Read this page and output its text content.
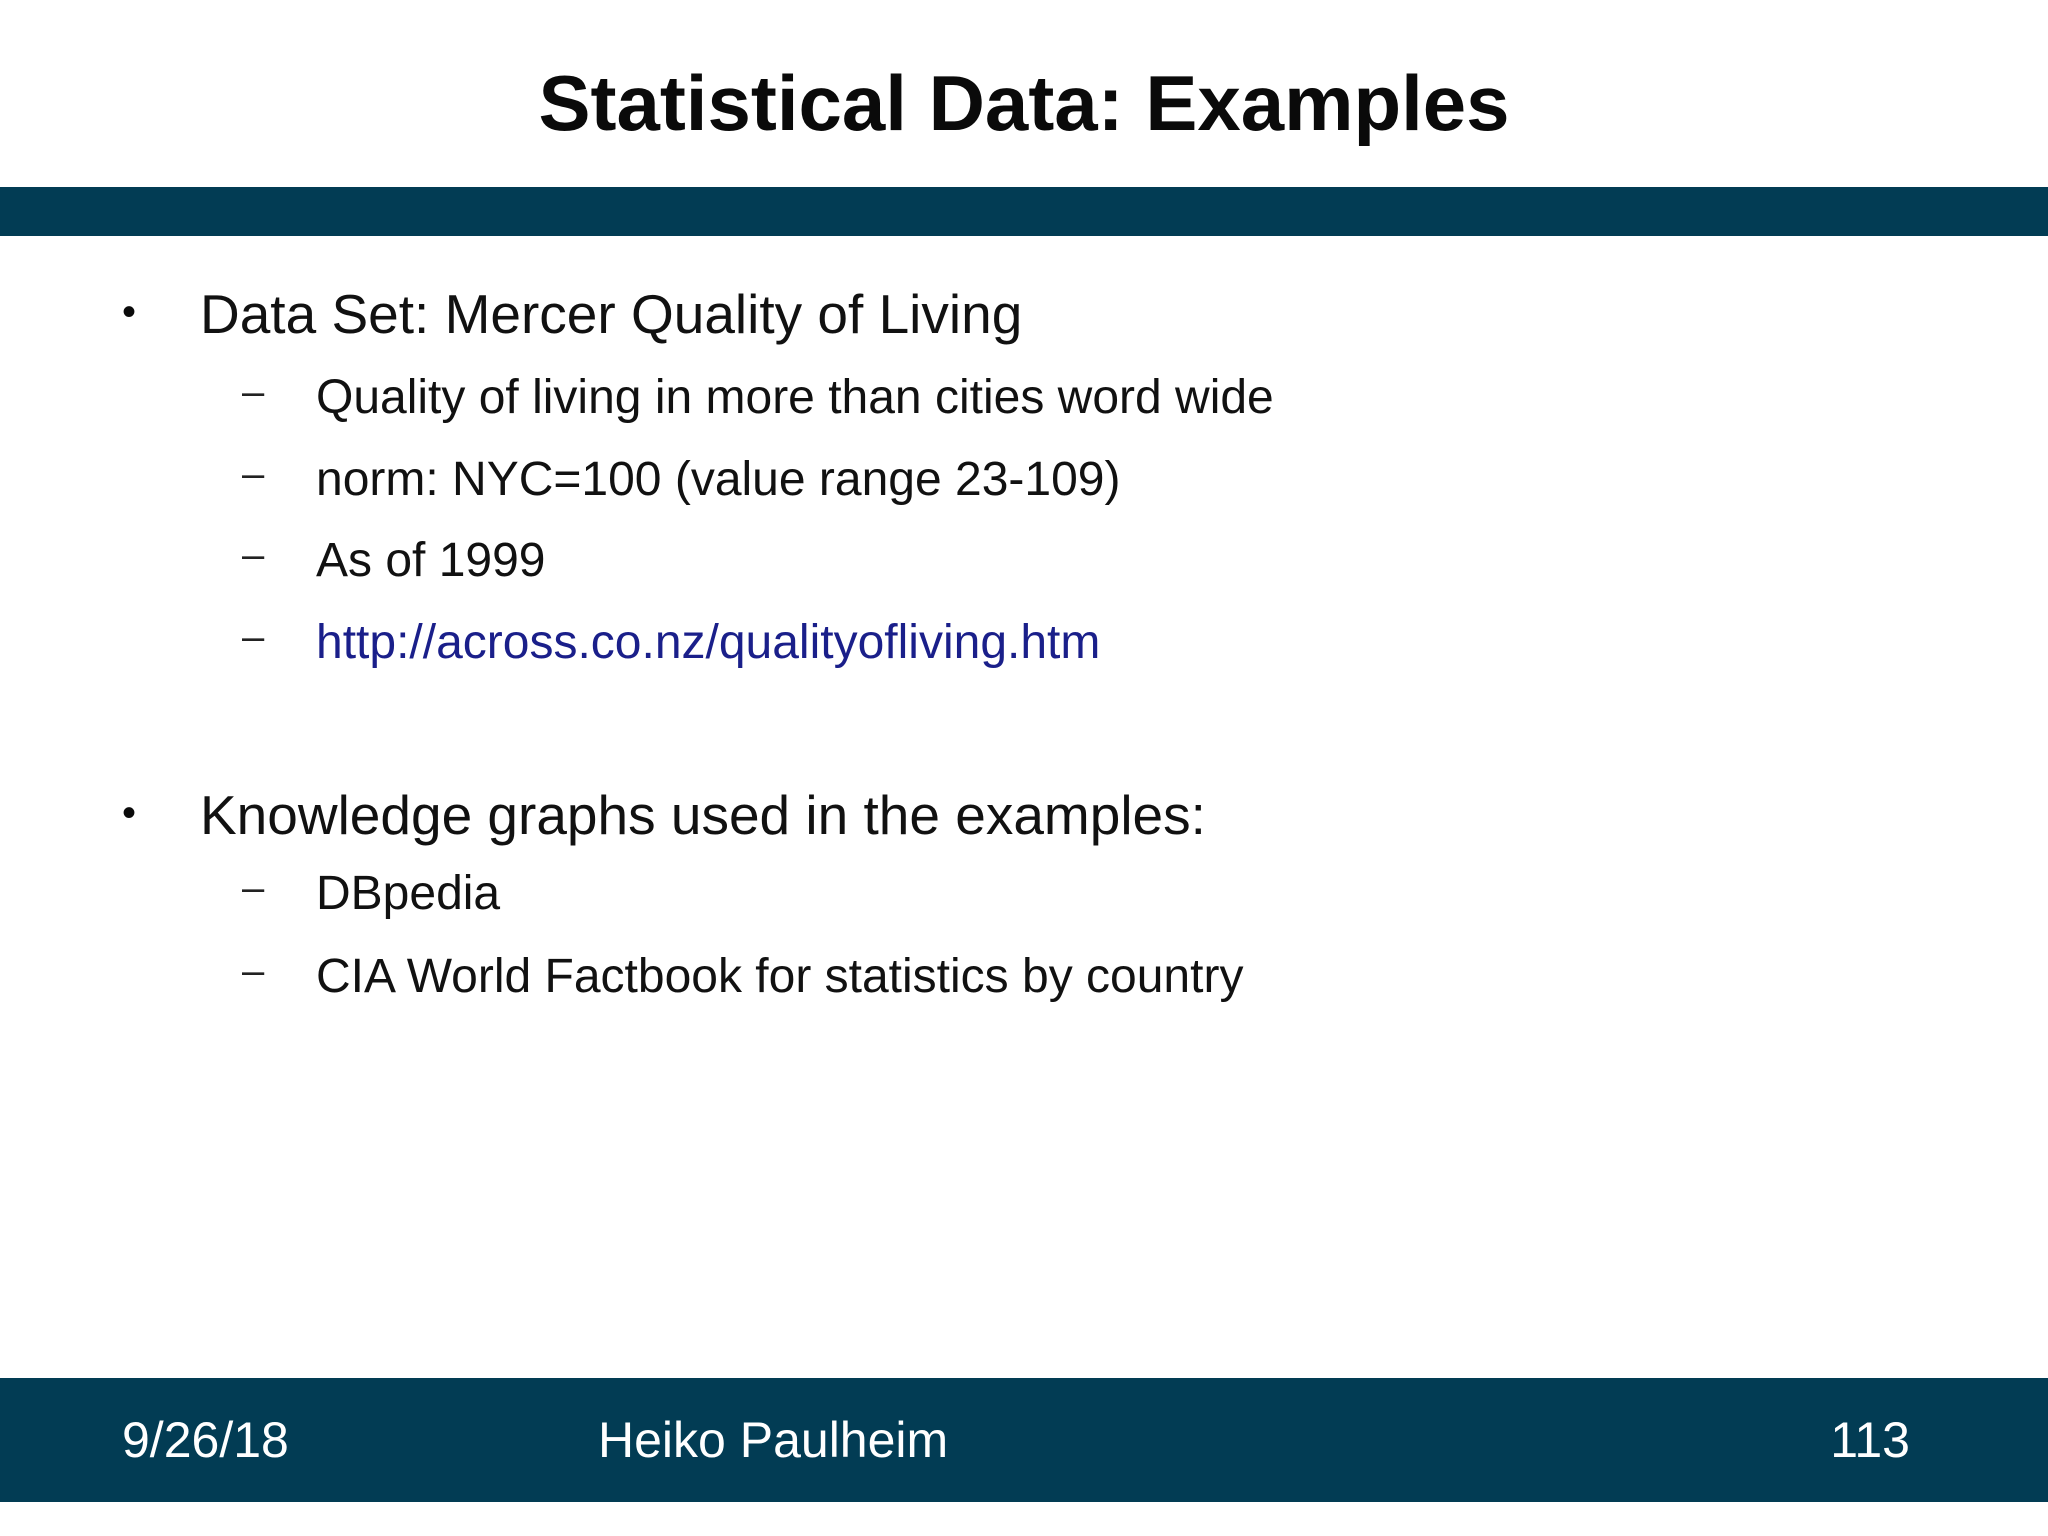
Statistical Data: Examples
• Data Set: Mercer Quality of Living
– Quality of living in more than cities word wide
– norm: NYC=100 (value range 23-109)
– As of 1999
– http://across.co.nz/qualityofliving.htm
• Knowledge graphs used in the examples:
– DBpedia
– CIA World Factbook for statistics by country
9/26/18	Heiko Paulheim	113
